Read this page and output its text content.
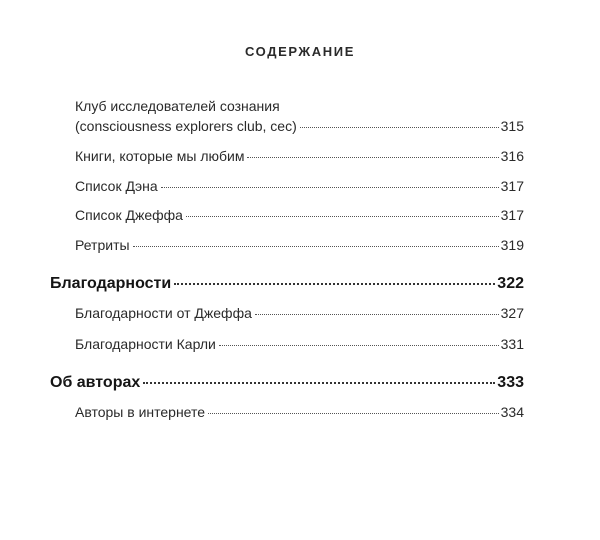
СОДЕРЖАНИЕ
Клуб исследователей сознания
(consciousness explorers club, cec)	315
Книги, которые мы любим	316
Список Дэна	317
Список Джеффа	317
Ретриты	319
Благодарности	322
Благодарности от Джеффа	327
Благодарности Карли	331
Об авторах	333
Авторы в интернете	334
